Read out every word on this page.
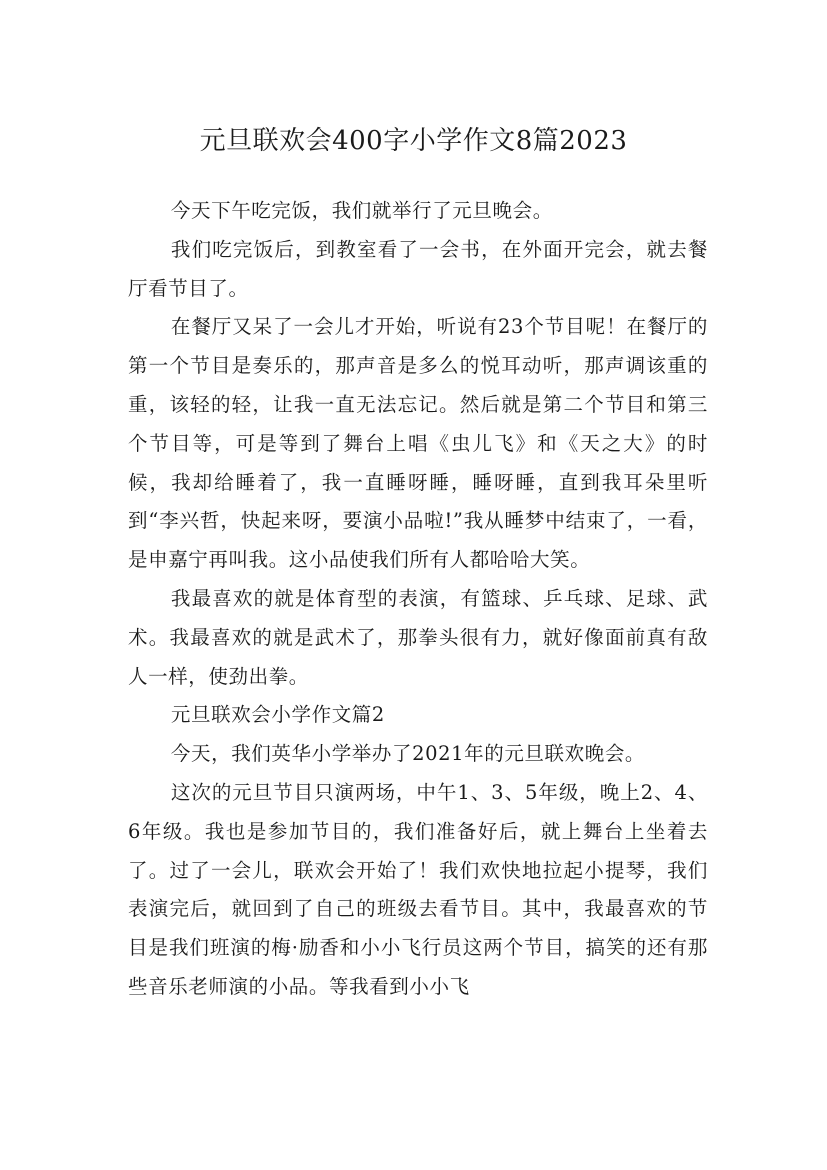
元旦联欢会400字小学作文8篇2023

今天下午吃完饭，我们就举行了元旦晚会。

我们吃完饭后，到教室看了一会书，在外面开完会，就去餐厅看节目了。

在餐厅又呆了一会儿才开始，听说有23个节目呢！在餐厅的第一个节目是奏乐的，那声音是多么的悦耳动听，那声调该重的重，该轻的轻，让我一直无法忘记。然后就是第二个节目和第三个节目等，可是等到了舞台上唱《虫儿飞》和《天之大》的时候，我却给睡着了，我一直睡呀睡，睡呀睡，直到我耳朵里听到“李兴哲，快起来呀，要演小品啦!”我从睡梦中结束了，一看，是申嘉宁再叫我。这小品使我们所有人都哈哈大笑。

我最喜欢的就是体育型的表演，有篮球、乒乓球、足球、武术。我最喜欢的就是武术了，那拳头很有力，就好像面前真有敌人一样，使劲出拳。

元旦联欢会小学作文篇2

今天，我们英华小学举办了2021年的元旦联欢晚会。

这次的元旦节目只演两场，中午1、3、5年级，晚上2、4、6年级。我也是参加节目的，我们准备好后，就上舞台上坐着去了。过了一会儿，联欢会开始了！我们欢快地拉起小提琴，我们表演完后，就回到了自己的班级去看节目。其中，我最喜欢的节目是我们班演的梅·励香和小小飞行员这两个节目，搞笑的还有那些音乐老师演的小品。等我看到小小飞
